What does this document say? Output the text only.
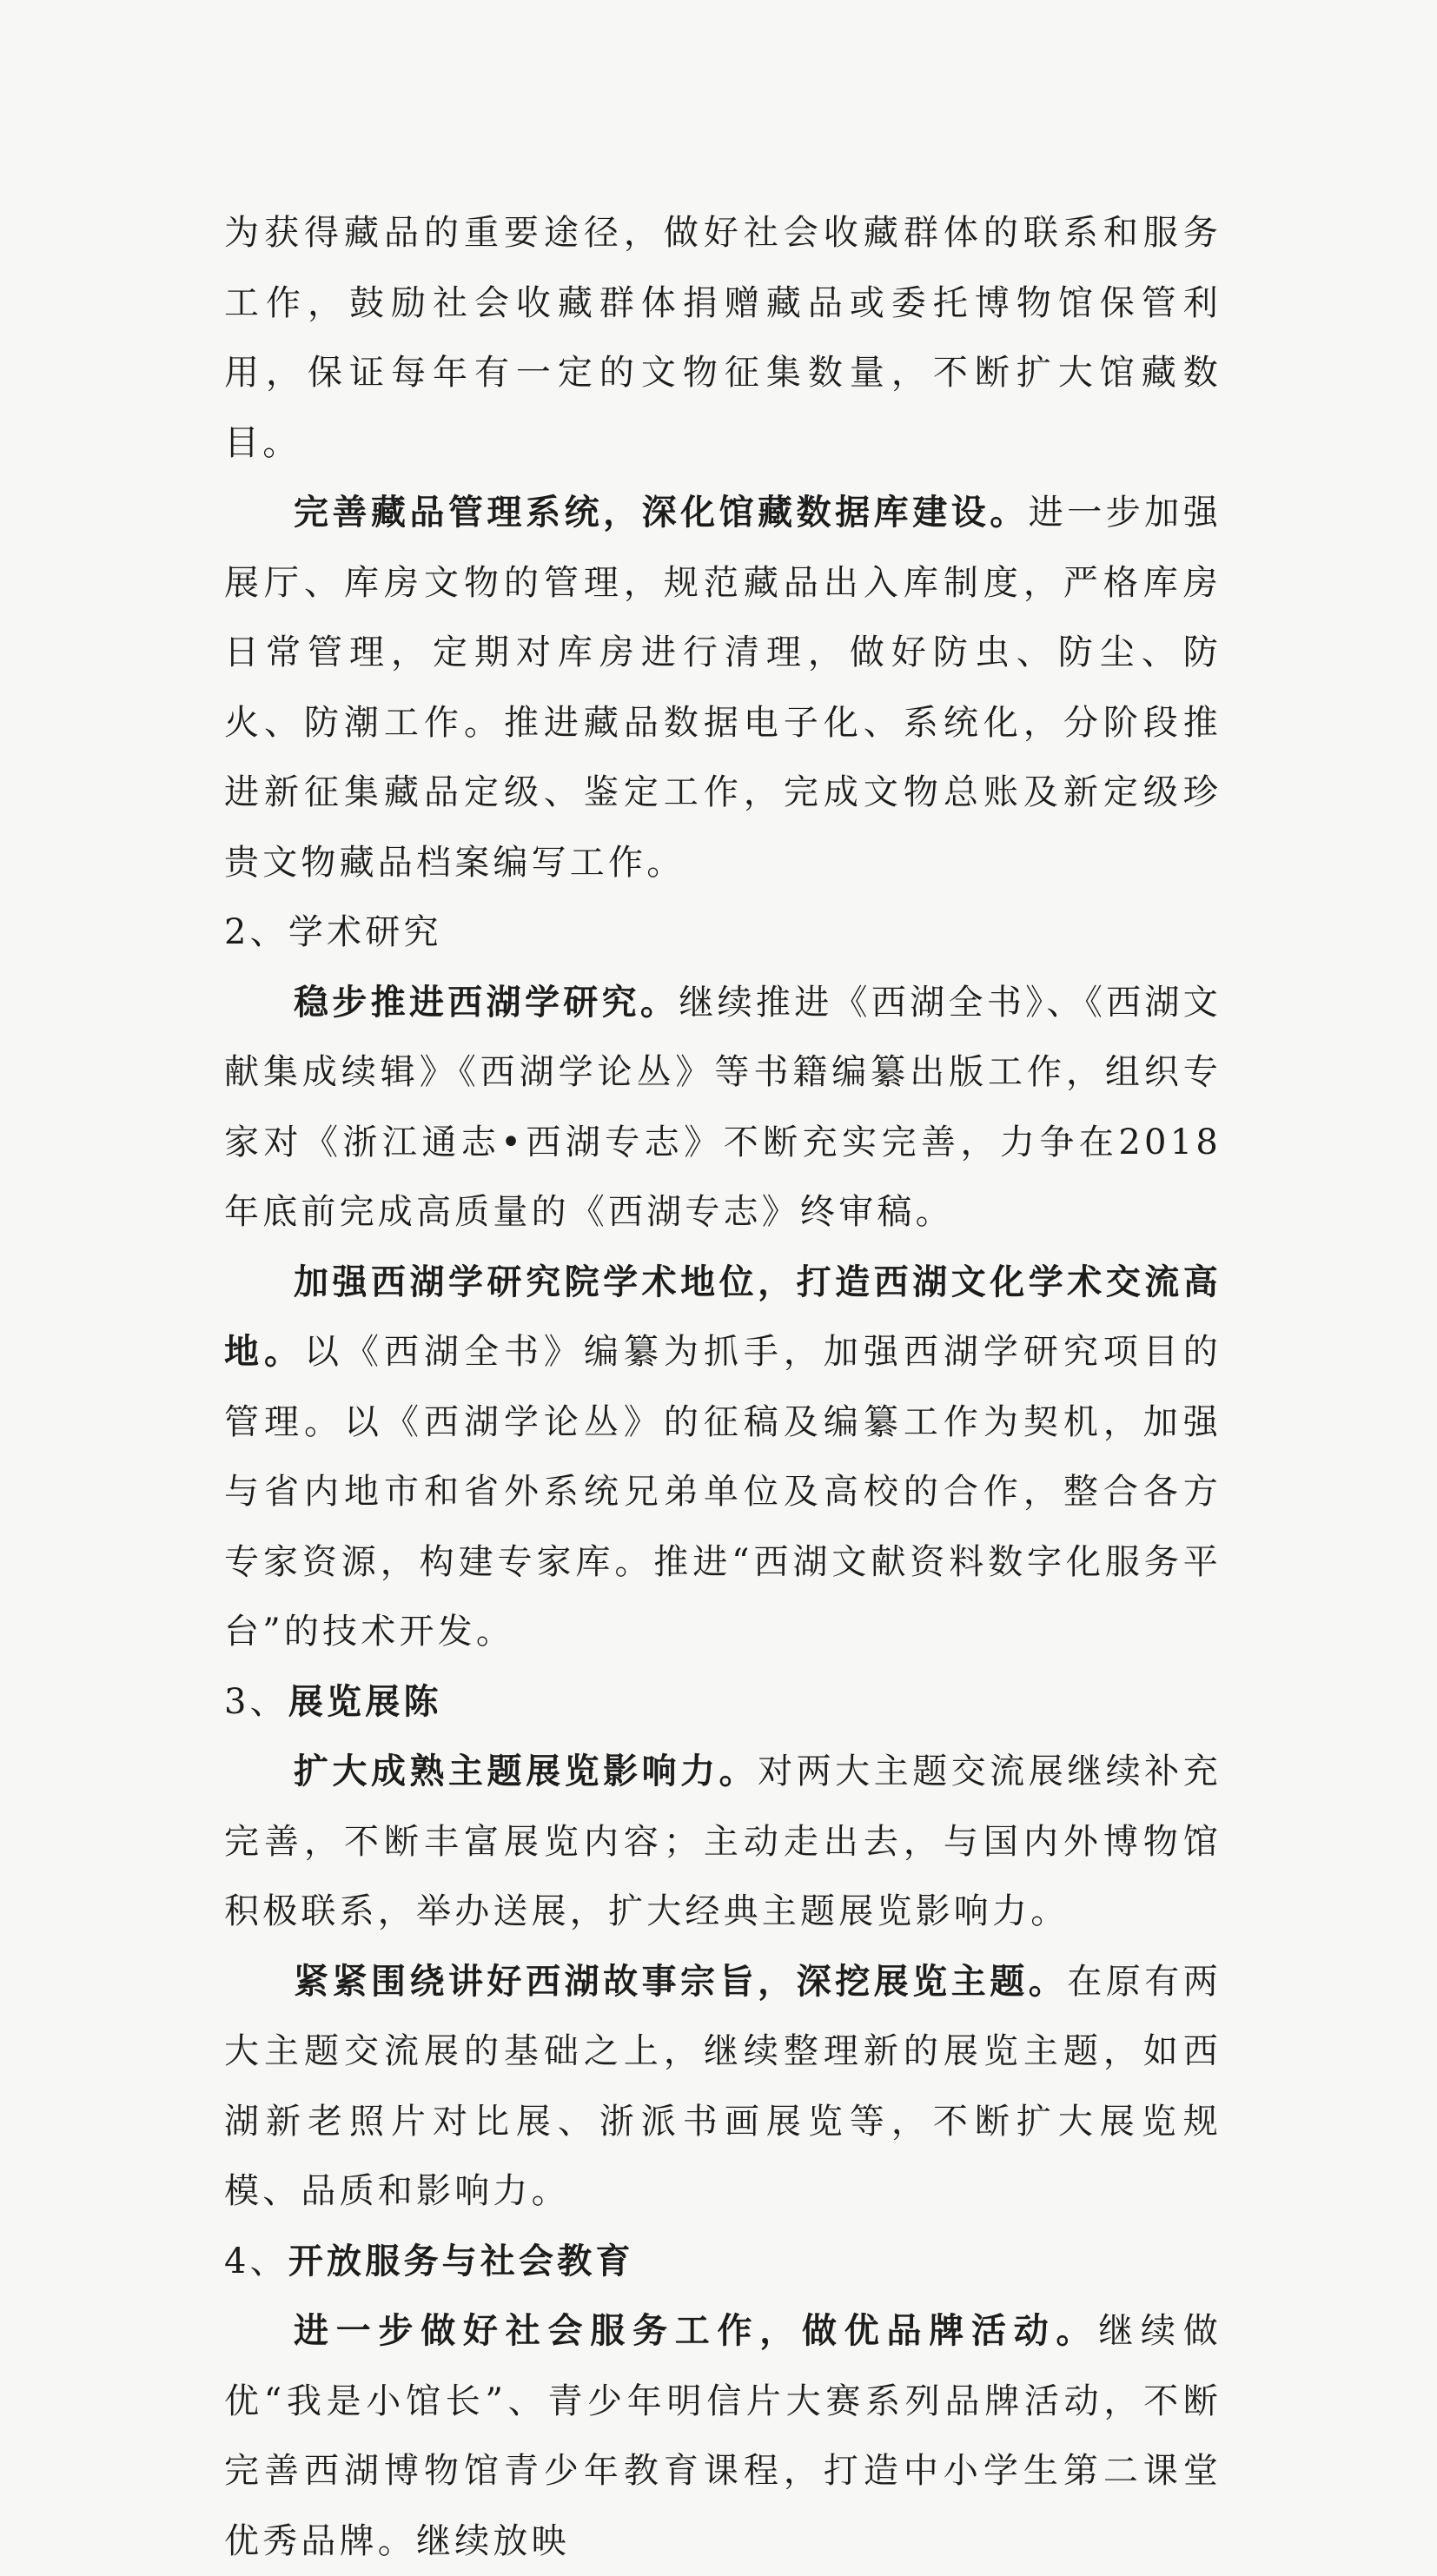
为获得藏品的重要途径，做好社会收藏群体的联系和服务工作，鼓励社会收藏群体捐赠藏品或委托博物馆保管利用，保证每年有一定的文物征集数量，不断扩大馆藏数目。

完善藏品管理系统，深化馆藏数据库建设。进一步加强展厅、库房文物的管理，规范藏品出入库制度，严格库房日常管理，定期对库房进行清理，做好防虫、防尘、防火、防潮工作。推进藏品数据电子化、系统化，分阶段推进新征集藏品定级、鉴定工作，完成文物总账及新定级珍贵文物藏品档案编写工作。

2、学术研究

稳步推进西湖学研究。继续推进《西湖全书》、《西湖文献集成续辑》《西湖学论丛》等书籍编纂出版工作，组织专家对《浙江通志•西湖专志》不断充实完善，力争在2018年底前完成高质量的《西湖专志》终审稿。

加强西湖学研究院学术地位，打造西湖文化学术交流高地。以《西湖全书》编纂为抓手，加强西湖学研究项目的管理。以《西湖学论丛》的征稿及编纂工作为契机，加强与省内地市和省外系统兄弟单位及高校的合作，整合各方专家资源，构建专家库。推进“西湖文献资料数字化服务平台”的技术开发。

3、展览展陈

扩大成熟主题展览影响力。对两大主题交流展继续补充完善，不断丰富展览内容；主动走出去，与国内外博物馆积极联系，举办送展，扩大经典主题展览影响力。

紧紧围绕讲好西湖故事宗旨，深挖展览主题。在原有两大主题交流展的基础之上，继续整理新的展览主题，如西湖新老照片对比展、浙派书画展览等，不断扩大展览规模、品质和影响力。

4、开放服务与社会教育

进一步做好社会服务工作，做优品牌活动。继续做优“我是小馆长”、青少年明信片大赛系列品牌活动，不断完善西湖博物馆青少年教育课程，打造中小学生第二课堂优秀品牌。继续放映
